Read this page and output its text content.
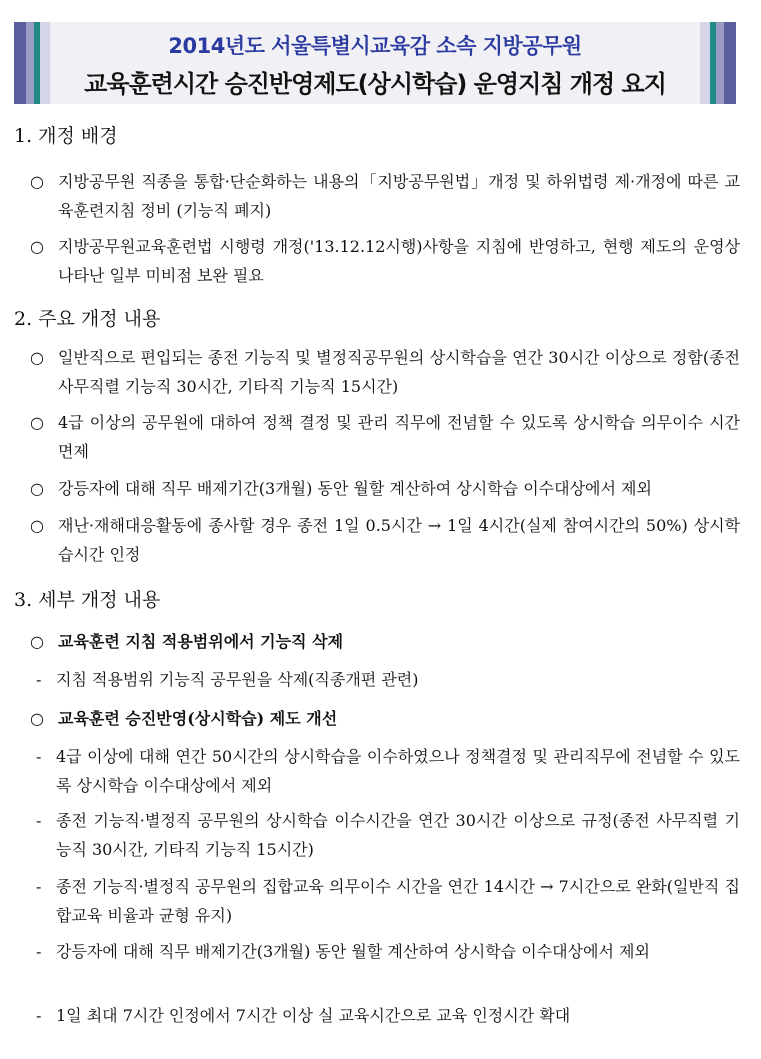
2014년도 서울특별시교육감 소속 지방공무원
교육훈련시간 승진반영제도(상시학습) 운영지침 개정 요지
1. 개정 배경
○ 지방공무원 직종을 통합·단순화하는 내용의「지방공무원법」개정 및 하위법령 제·개정에 따른 교육훈련지침 정비 (기능직 폐지)
○ 지방공무원교육훈련법 시행령 개정('13.12.12시행)사항을 지침에 반영하고, 현행 제도의 운영상 나타난 일부 미비점 보완 필요
2. 주요 개정 내용
○ 일반직으로 편입되는 종전 기능직 및 별정직공무원의 상시학습을 연간 30시간 이상으로 정함(종전 사무직렬 기능직 30시간, 기타직 기능직 15시간)
○ 4급 이상의 공무원에 대하여 정책 결정 및 관리 직무에 전념할 수 있도록 상시학습 의무이수 시간 면제
○ 강등자에 대해 직무 배제기간(3개월) 동안 월할 계산하여 상시학습 이수대상에서 제외
○ 재난·재해대응활동에 종사할 경우 종전 1일 0.5시간 → 1일 4시간(실제 참여시간의 50%) 상시학습시간 인정
3. 세부 개정 내용
○ 교육훈련 지침 적용범위에서 기능직 삭제
- 지침 적용범위 기능직 공무원을 삭제(직종개편 관련)
○ 교육훈련 승진반영(상시학습) 제도 개선
- 4급 이상에 대해 연간 50시간의 상시학습을 이수하였으나 정책결정 및 관리직무에 전념할 수 있도록 상시학습 이수대상에서 제외
- 종전 기능직·별정직 공무원의 상시학습 이수시간을 연간 30시간 이상으로 규정(종전 사무직렬 기능직 30시간, 기타직 기능직 15시간)
- 종전 기능직·별정직 공무원의 집합교육 의무이수 시간을 연간 14시간 → 7시간으로 완화(일반직 집합교육 비율과 균형 유지)
- 강등자에 대해 직무 배제기간(3개월) 동안 월할 계산하여 상시학습 이수대상에서 제외
- 1일 최대 7시간 인정에서 7시간 이상 실 교육시간으로 교육 인정시간 확대
